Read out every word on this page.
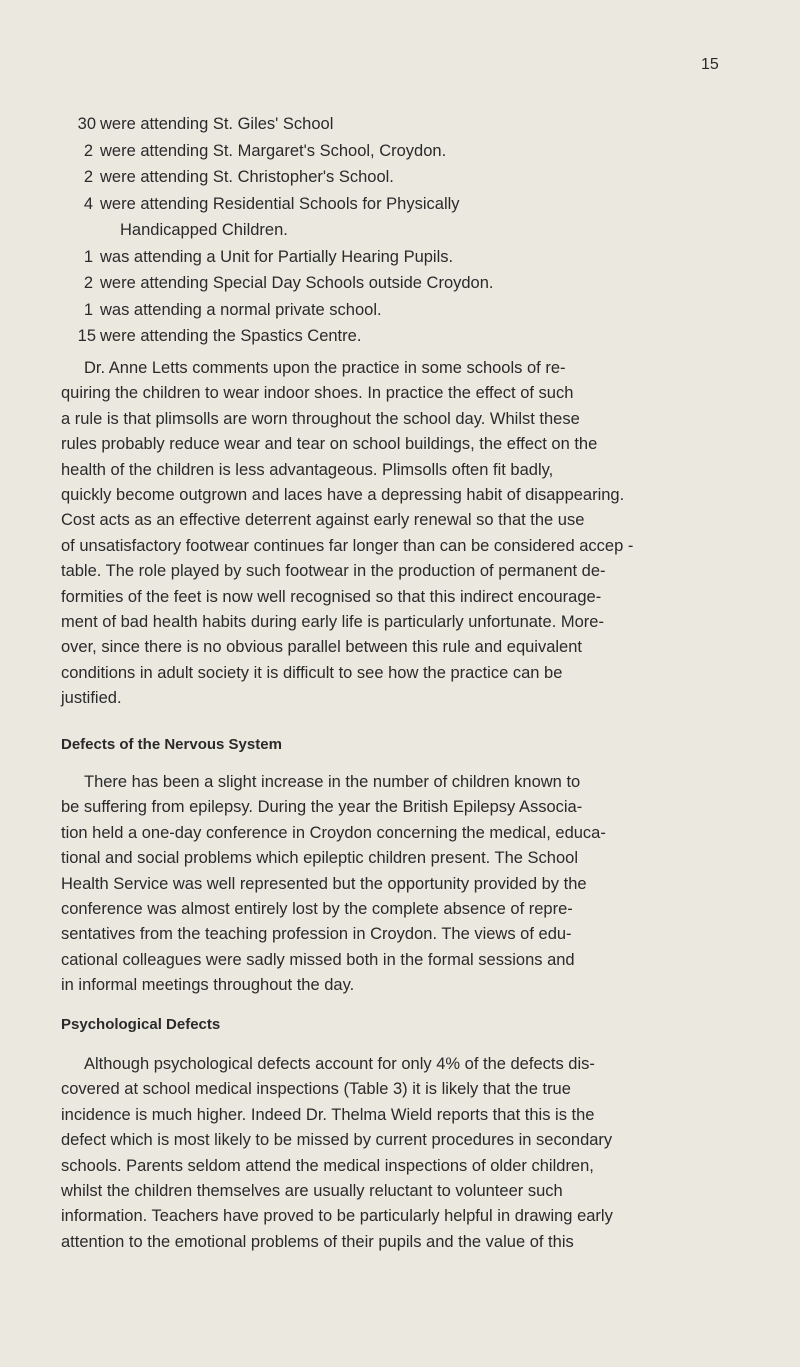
15
30 were attending St. Giles' School
2 were attending St. Margaret's School, Croydon.
2 were attending St. Christopher's School.
4 were attending Residential Schools for Physically
Handicapped Children.
1 was attending a Unit for Partially Hearing Pupils.
2 were attending Special Day Schools outside Croydon.
1 was attending a normal private school.
15 were attending the Spastics Centre.
Dr. Anne Letts comments upon the practice in some schools of re-
quiring the children to wear indoor shoes. In practice the effect of such
a rule is that plimsolls are worn throughout the school day. Whilst these
rules probably reduce wear and tear on school buildings, the effect on the
health of the children is less advantageous. Plimsolls often fit badly,
quickly become outgrown and laces have a depressing habit of disappearing.
Cost acts as an effective deterrent against early renewal so that the use
of unsatisfactory footwear continues far longer than can be considered accep -
table. The role played by such footwear in the production of permanent de-
formities of the feet is now well recognised so that this indirect encourage-
ment of bad health habits during early life is particularly unfortunate. More-
over, since there is no obvious parallel between this rule and equivalent
conditions in adult society it is difficult to see how the practice can be
justified.
Defects of the Nervous System
There has been a slight increase in the number of children known to
be suffering from epilepsy. During the year the British Epilepsy Associa-
tion held a one-day conference in Croydon concerning the medical, educa-
tional and social problems which epileptic children present. The School
Health Service was well represented but the opportunity provided by the
conference was almost entirely lost by the complete absence of repre-
sentatives from the teaching profession in Croydon. The views of edu-
cational colleagues were sadly missed both in the formal sessions and
in informal meetings throughout the day.
Psychological Defects
Although psychological defects account for only 4% of the defects dis-
covered at school medical inspections (Table 3) it is likely that the true
incidence is much higher. Indeed Dr. Thelma Wield reports that this is the
defect which is most likely to be missed by current procedures in secondary
schools. Parents seldom attend the medical inspections of older children,
whilst the children themselves are usually reluctant to volunteer such
information. Teachers have proved to be particularly helpful in drawing early
attention to the emotional problems of their pupils and the value of this
